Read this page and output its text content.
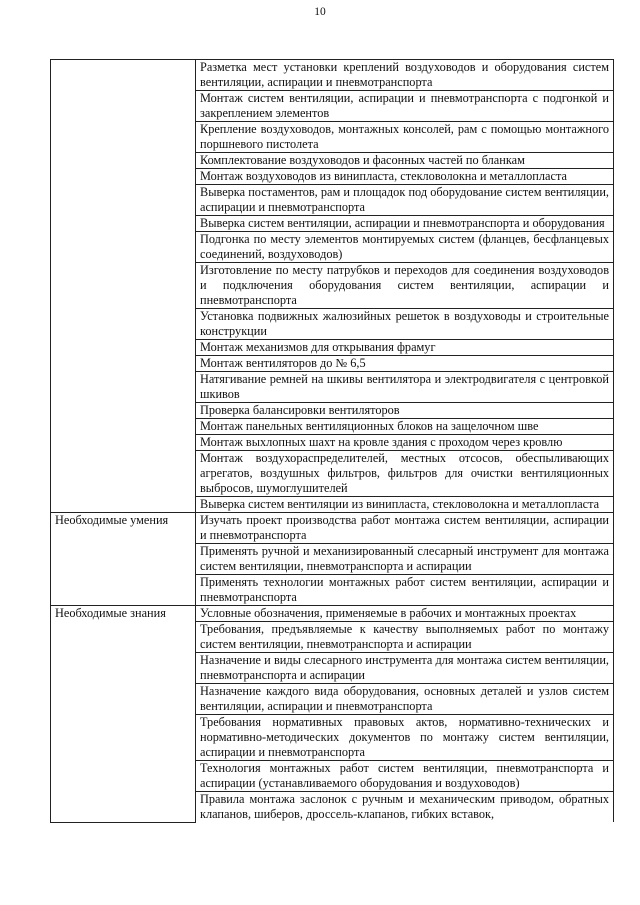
10
	Разметка мест установки креплений воздуховодов и оборудования систем вентиляции, аспирации и пневмотранспорта
	Монтаж систем вентиляции, аспирации и пневмотранспорта с подгонкой и закреплением элементов
	Крепление воздуховодов, монтажных консолей, рам с помощью монтажного поршневого пистолета
	Комплектование воздуховодов и фасонных частей по бланкам
	Монтаж воздуховодов из винипласта, стекловолокна и металлопласта
	Выверка постаментов, рам и площадок под оборудование систем вентиляции, аспирации и пневмотранспорта
	Выверка систем вентиляции, аспирации и пневмотранспорта и оборудования
	Подгонка по месту элементов монтируемых систем (фланцев, бесфланцевых соединений, воздуховодов)
	Изготовление по месту патрубков и переходов для соединения воздуховодов и подключения оборудования систем вентиляции, аспирации и пневмотранспорта
	Установка подвижных жалюзийных решеток в воздуховоды и строительные конструкции
	Монтаж механизмов для открывания фрамуг
	Монтаж вентиляторов до № 6,5
	Натягивание ремней на шкивы вентилятора и электродвигателя с центровкой шкивов
	Проверка балансировки вентиляторов
	Монтаж панельных вентиляционных блоков на защелочном шве
	Монтаж выхлопных шахт на кровле здания с проходом через кровлю
	Монтаж воздухораспределителей, местных отсосов, обеспыливающих агрегатов, воздушных фильтров, фильтров для очистки вентиляционных выбросов, шумоглушителей
	Выверка систем вентиляции из винипласта, стекловолокна и металлопласта
Необходимые умения	Изучать проект производства работ монтажа систем вентиляции, аспирации и пневмотранспорта
	Применять ручной и механизированный слесарный инструмент для монтажа систем вентиляции, пневмотранспорта и аспирации
	Применять технологии монтажных работ систем вентиляции, аспирации и пневмотранспорта
Необходимые знания	Условные обозначения, применяемые в рабочих и монтажных проектах
	Требования, предъявляемые к качеству выполняемых работ по монтажу систем вентиляции, пневмотранспорта и аспирации
	Назначение и виды слесарного инструмента для монтажа систем вентиляции, пневмотранспорта и аспирации
	Назначение каждого вида оборудования, основных деталей и узлов систем вентиляции, аспирации и пневмотранспорта
	Требования нормативных правовых актов, нормативно-технических и нормативно-методических документов по монтажу систем вентиляции, аспирации и пневмотранспорта
	Технология монтажных работ систем вентиляции, пневмотранспорта и аспирации (устанавливаемого оборудования и воздуховодов)
	Правила монтажа заслонок с ручным и механическим приводом, обратных клапанов, шиберов, дроссель-клапанов, гибких вставок,
